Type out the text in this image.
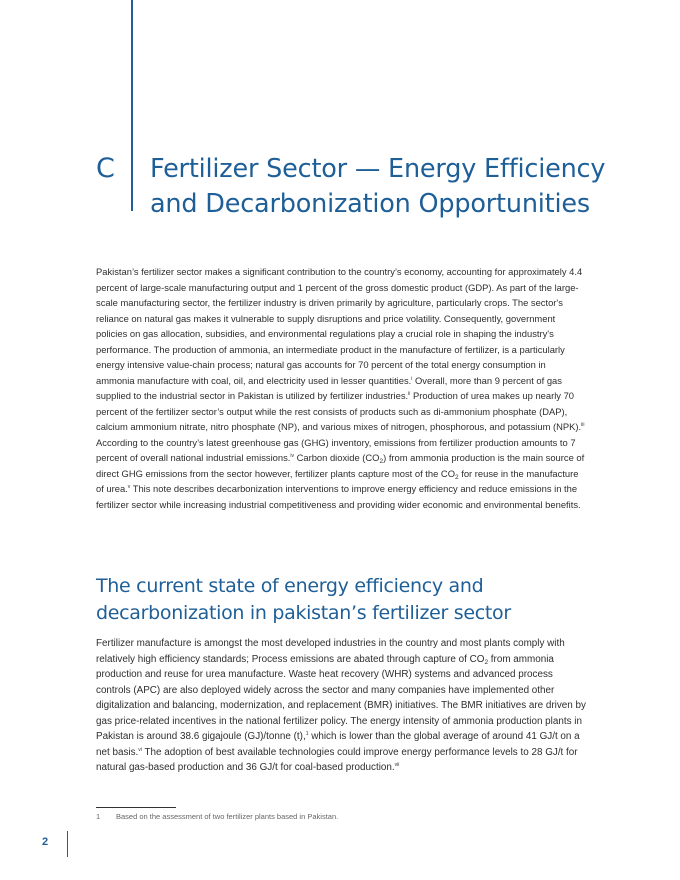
C Fertilizer Sector — Energy Efficiency and Decarbonization Opportunities

Pakistan’s fertilizer sector makes a significant contribution to the country’s economy, accounting for approximately 4.4 percent of large-scale manufacturing output and 1 percent of the gross domestic product (GDP). As part of the large-scale manufacturing sector, the fertilizer industry is driven primarily by agriculture, particularly crops. The sector's reliance on natural gas makes it vulnerable to supply disruptions and price volatility. Consequently, government policies on gas allocation, subsidies, and environmental regulations play a crucial role in shaping the industry's performance. The production of ammonia, an intermediate product in the manufacture of fertilizer, is a particularly energy intensive value-chain process; natural gas accounts for 70 percent of the total energy consumption in ammonia manufacture with coal, oil, and electricity used in lesser quantities.$^i$ Overall, more than 9 percent of gas supplied to the industrial sector in Pakistan is utilized by fertilizer industries.$^{ii}$ Production of urea makes up nearly 70 percent of the fertilizer sector’s output while the rest consists of products such as di-ammonium phosphate (DAP), calcium ammonium nitrate, nitro phosphate (NP), and various mixes of nitrogen, phosphorous, and potassium (NPK).$^{iii}$ According to the country’s latest greenhouse gas (GHG) inventory, emissions from fertilizer production amounts to 7 percent of overall national industrial emissions.$^{iv}$ Carbon dioxide $(CO_2)$ from ammonia production is the main source of direct GHG emissions from the sector however, fertilizer plants capture most of the $CO_2$ for reuse in the manufacture of urea.$^v$ This note describes decarbonization interventions to improve energy efficiency and reduce emissions in the fertilizer sector while increasing industrial competitiveness and providing wider economic and environmental benefits.

The current state of energy efficiency and decarbonization in pakistan’s fertilizer sector

Fertilizer manufacture is amongst the most developed industries in the country and most plants comply with relatively high efficiency standards; Process emissions are abated through capture of $CO_2$ from ammonia production and reuse for urea manufacture. Waste heat recovery (WHR) systems and advanced process controls (APC) are also deployed widely across the sector and many companies have implemented other digitalization and balancing, modernization, and replacement (BMR) initiatives. The BMR initiatives are driven by gas price-related incentives in the national fertilizer policy. The energy intensity of ammonia production plants in Pakistan is around 38.6 gigajoule (GJ)/tonne (t),$^1$ which is lower than the global average of around 41 GJ/t on a net basis.$^{vi}$ The adoption of best available technologies could improve energy performance levels to 28 GJ/t for natural gas-based production and 36 GJ/t for coal-based production.$^{vii}$

1 Based on the assessment of two fertilizer plants based in Pakistan.
2
